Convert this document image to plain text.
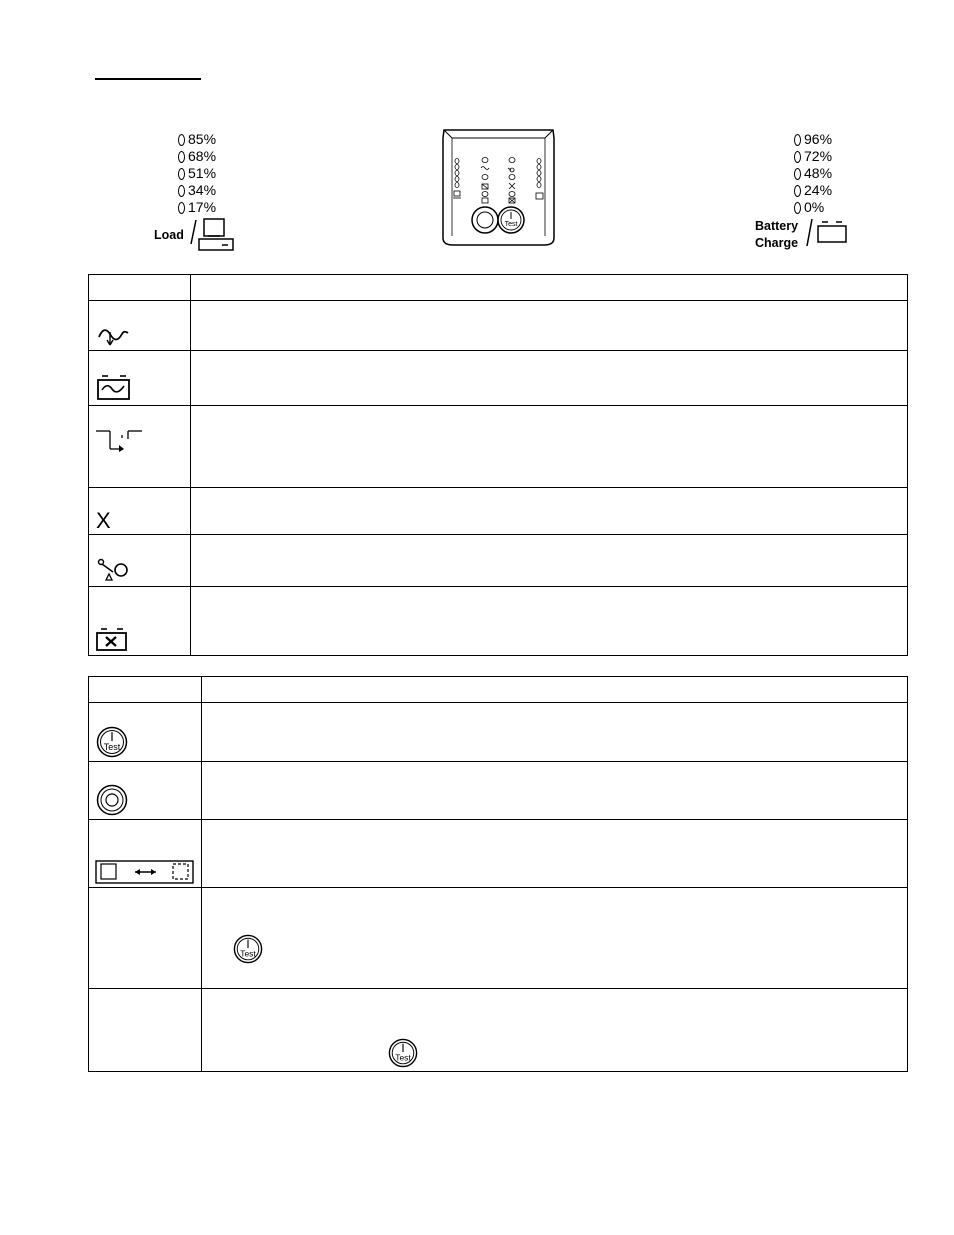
85%
68%
51%
34%
17%
Load
Test
96%
72%
48%
24%
0%
Battery
Charge

X	

Test	

Test

Test
